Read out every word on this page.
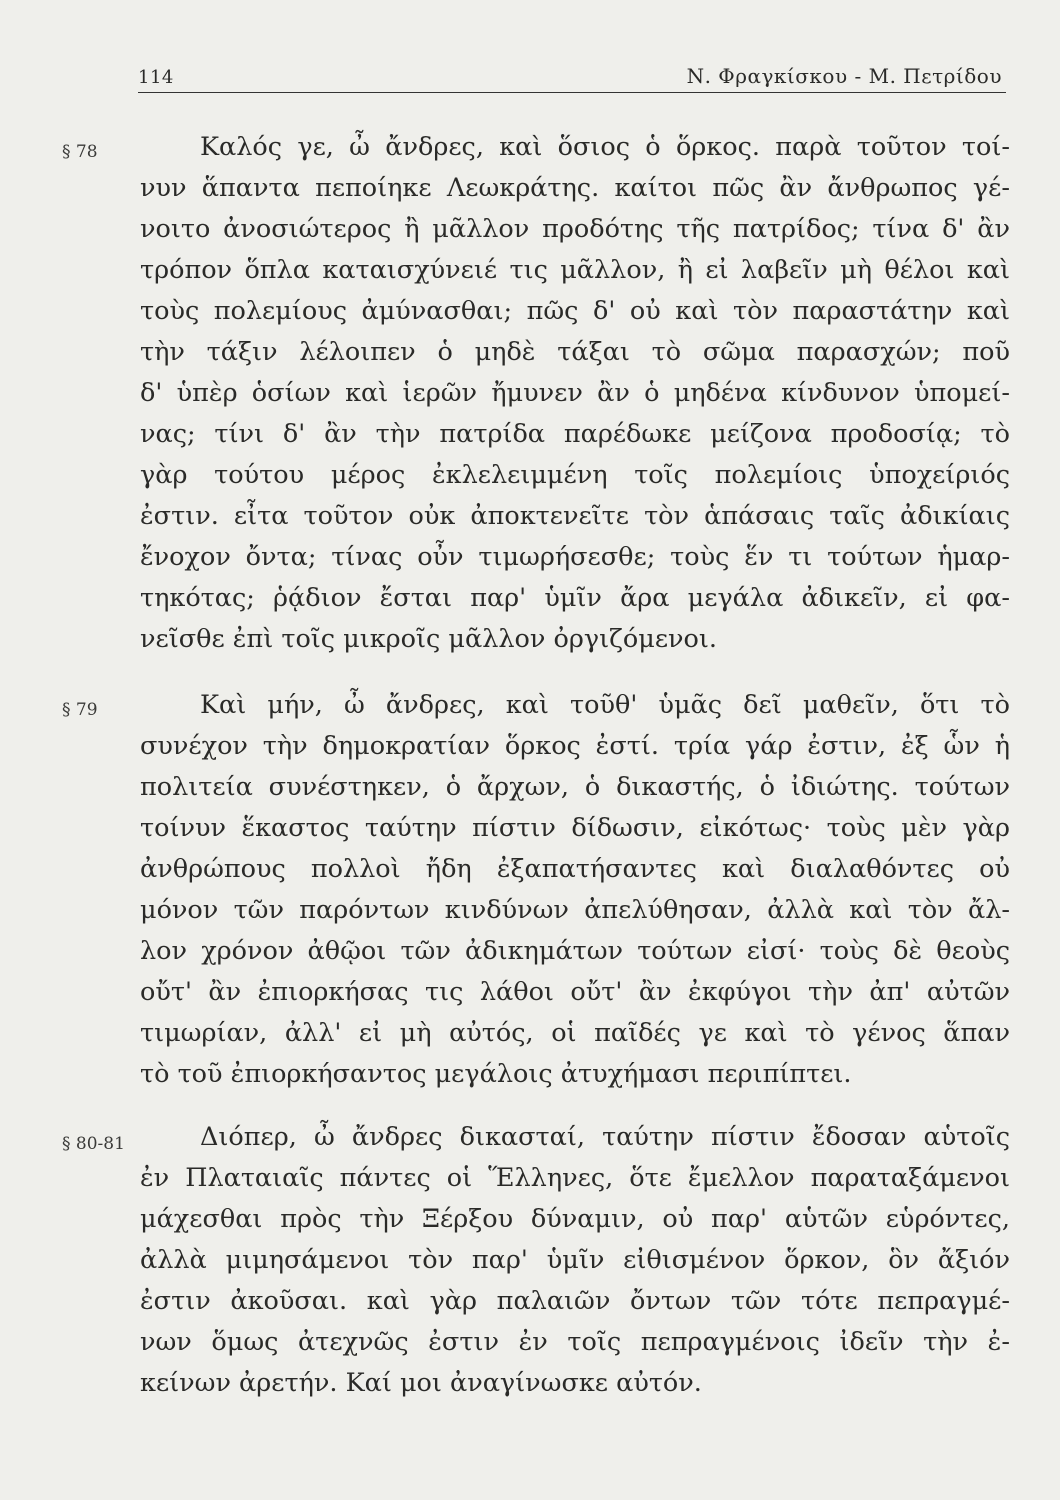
114	Ν. Φραγκίσκου - Μ. Πετρίδου
§ 78	Καλός γε, ὦ ἄνδρες, καὶ ὅσιος ὁ ὅρκος. παρὰ τοῦτον τοί-
νυν ἅπαντα πεποίηκε Λεωκράτης. καίτοι πῶς ἂν ἄνθρωπος γέ-
νοιτο ἀνοσιώτερος ἢ μᾶλλον προδότης τῆς πατρίδος; τίνα δ' ἂν
τρόπον ὅπλα καταισχύνειέ τις μᾶλλον, ἢ εἰ λαβεῖν μὴ θέλοι καὶ
τοὺς πολεμίους ἀμύνασθαι; πῶς δ' οὐ καὶ τὸν παραστάτην καὶ
τὴν τάξιν λέλοιπεν ὁ μηδὲ τάξαι τὸ σῶμα παρασχών; ποῦ
δ' ὑπὲρ ὁσίων καὶ ἱερῶν ἤμυνεν ἂν ὁ μηδένα κίνδυνον ὑπομεί-
νας; τίνι δ' ἂν τὴν πατρίδα παρέδωκε μείζονα προδοσίᾳ; τὸ
γὰρ τούτου μέρος ἐκλελειμμένη τοῖς πολεμίοις ὑποχείριός
ἐστιν. εἶτα τοῦτον οὐκ ἀποκτενεῖτε τὸν ἁπάσαις ταῖς ἀδικίαις
ἔνοχον ὄντα; τίνας οὖν τιμωρήσεσθε; τοὺς ἕν τι τούτων ἡμαρ-
τηκότας; ῥᾴδιον ἔσται παρ' ὑμῖν ἄρα μεγάλα ἀδικεῖν, εἰ φα-
νεῖσθε ἐπὶ τοῖς μικροῖς μᾶλλον ὀργιζόμενοι.
§ 79	Καὶ μήν, ὦ ἄνδρες, καὶ τοῦθ' ὑμᾶς δεῖ μαθεῖν, ὅτι τὸ
συνέχον τὴν δημοκρατίαν ὅρκος ἐστί. τρία γάρ ἐστιν, ἐξ ὧν ἡ
πολιτεία συνέστηκεν, ὁ ἄρχων, ὁ δικαστής, ὁ ἰδιώτης. τούτων
τοίνυν ἕκαστος ταύτην πίστιν δίδωσιν, εἰκότως· τοὺς μὲν γὰρ
ἀνθρώπους πολλοὶ ἤδη ἐξαπατήσαντες καὶ διαλαθόντες οὐ
μόνον τῶν παρόντων κινδύνων ἀπελύθησαν, ἀλλὰ καὶ τὸν ἄλ-
λον χρόνον ἀθῷοι τῶν ἀδικημάτων τούτων εἰσί· τοὺς δὲ θεοὺς
οὔτ' ἂν ἐπιορκήσας τις λάθοι οὔτ' ἂν ἐκφύγοι τὴν ἀπ' αὐτῶν
τιμωρίαν, ἀλλ' εἰ μὴ αὐτός, οἱ παῖδές γε καὶ τὸ γένος ἅπαν
τὸ τοῦ ἐπιορκήσαντος μεγάλοις ἀτυχήμασι περιπίπτει.
§ 80-81	Διόπερ, ὦ ἄνδρες δικασταί, ταύτην πίστιν ἔδοσαν αὑτοῖς
ἐν Πλαταιαῖς πάντες οἱ Ἕλληνες, ὅτε ἔμελλον παραταξάμενοι
μάχεσθαι πρὸς τὴν Ξέρξου δύναμιν, οὐ παρ' αὑτῶν εὑρόντες,
ἀλλὰ μιμησάμενοι τὸν παρ' ὑμῖν εἰθισμένον ὅρκον, ὃν ἄξιόν
ἐστιν ἀκοῦσαι. καὶ γὰρ παλαιῶν ὄντων τῶν τότε πεπραγμέ-
νων ὅμως ἀτεχνῶς ἐστιν ἐν τοῖς πεπραγμένοις ἰδεῖν τὴν ἐ-
κείνων ἀρετήν. Καί μοι ἀναγίνωσκε αὐτόν.
